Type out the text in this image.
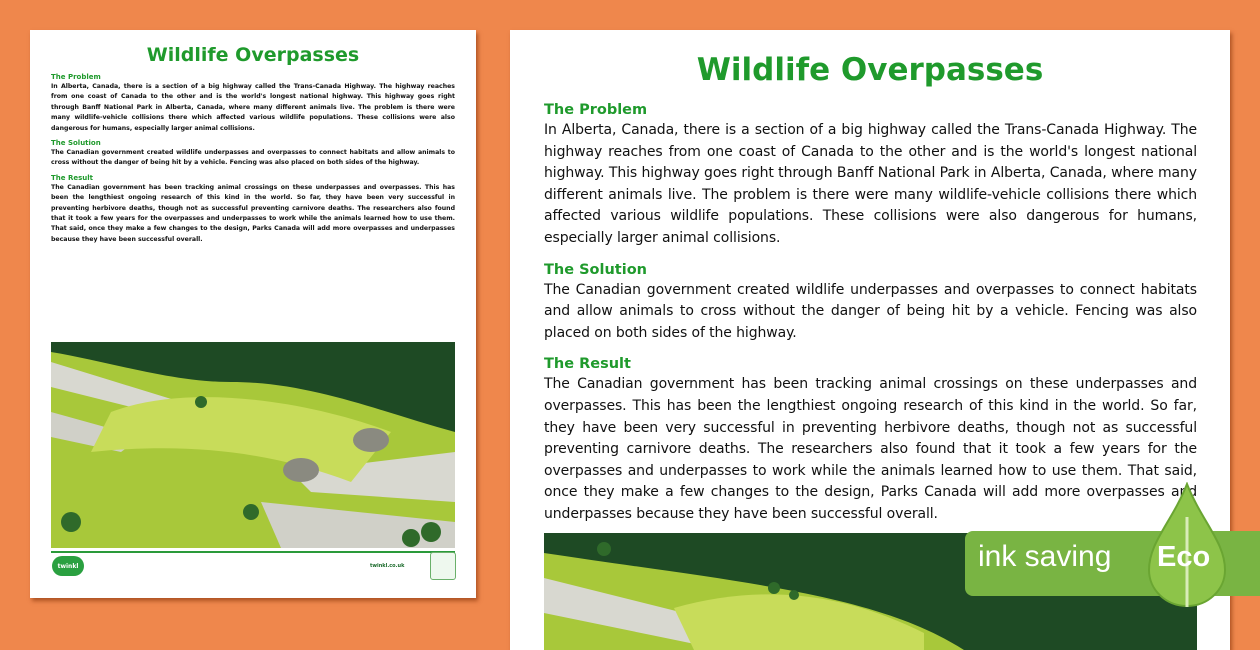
Wildlife Overpasses
The Problem

In Alberta, Canada, there is a section of a big highway called the Trans-Canada Highway. The highway reaches from one coast of Canada to the other and is the world's longest national highway. This highway goes right through Banff National Park in Alberta, Canada, where many different animals live. The problem is there were many wildlife-vehicle collisions there which affected various wildlife populations. These collisions were also dangerous for humans, especially larger animal collisions.

The Solution

The Canadian government created wildlife underpasses and overpasses to connect habitats and allow animals to cross without the danger of being hit by a vehicle. Fencing was also placed on both sides of the highway.

The Result

The Canadian government has been tracking animal crossings on these underpasses and overpasses. This has been the lengthiest ongoing research of this kind in the world. So far, they have been very successful in preventing herbivore deaths, though not as successful preventing carnivore deaths. The researchers also found that it took a few years for the overpasses and underpasses to work while the animals learned how to use them. That said, once they make a few changes to the design, Parks Canada will add more overpasses and underpasses because they have been successful overall.

twinkl	twinkl.co.uk
Wildlife Overpasses
The Problem

In Alberta, Canada, there is a section of a big highway called the Trans-Canada Highway. The highway reaches from one coast of Canada to the other and is the world's longest national highway. This highway goes right through Banff National Park in Alberta, Canada, where many different animals live. The problem is there were many wildlife-vehicle collisions there which affected various wildlife populations. These collisions were also dangerous for humans, especially larger animal collisions.

The Solution

The Canadian government created wildlife underpasses and overpasses to connect habitats and allow animals to cross without the danger of being hit by a vehicle. Fencing was also placed on both sides of the highway.

The Result

The Canadian government has been tracking animal crossings on these underpasses and overpasses. This has been the lengthiest ongoing research of this kind in the world. So far, they have been very successful in preventing herbivore deaths, though not as successful preventing carnivore deaths. The researchers also found that it took a few years for the overpasses and underpasses to work while the animals learned how to use them. That said, once they make a few changes to the design, Parks Canada will add more overpasses and underpasses because they have been successful overall.

ink saving Eco
